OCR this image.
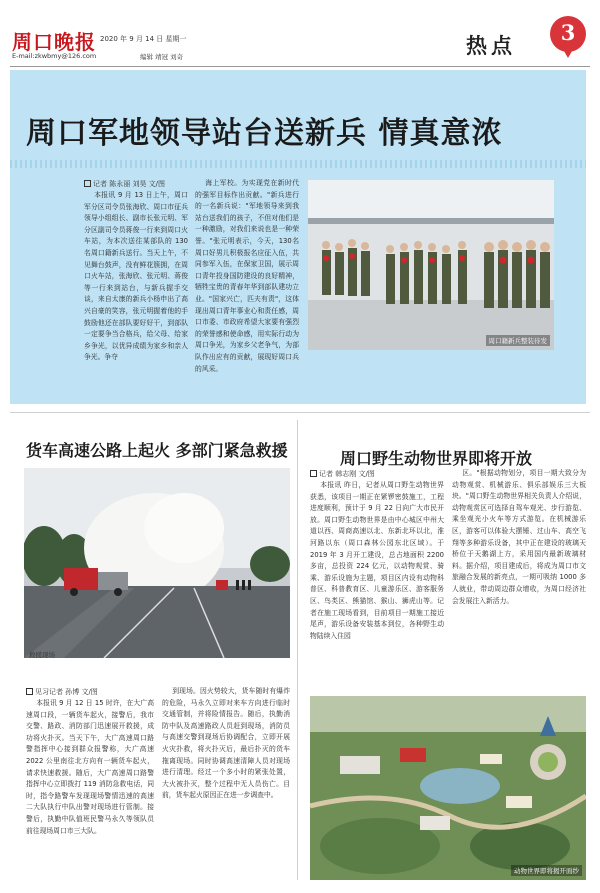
周口晚报 2020 年 9 月 14 日 星期一
E-mail:zkwbmy@126.com	编辑 靖冠 刘奇	热点
3
周口军地领导站台送新兵 情真意浓
记者 陈永丽 刘昊 文/图

本报讯 9 月 13 日上午，周口军分区司令员张海欣、周口市征兵领导小组组长、副市长张元明、军分区副司令员蒋俊一行来到周口火车站，为本次送往某部队的 130 名周口籍新兵送行。当天上午，不见舞台鼓声，没有鲜花簇拥，在周口火车站，张海欣、张元明、蒋俊等一行来到站台，与新兵握手交谈，来自太康的新兵小杨申出了高兴自豪的笑容，张元明握着他的手鼓励他还在部队要好好干，到部队一定要争当合格兵，给父母、给家乡争光，以优异成绩为家乡和亲人争光。争夺

海上军校。为实现党在新时代的强军目标作出贡献。"新兵进行的一名新兵说："军地领导来到我站台送我们的孩子，不但对他们是一种激励，对我们来说也是一种荣誉。"张元明表示，今天，130名周口好男儿积极报名应征入伍，共同参军入伍，在保家卫国，展示周口青年投身国防建设的良好精神，牺牲宝贵的青春年华到部队建功立业。"国家兴亡，匹夫有责"，这体现出周口青年事业心和责任感，周口市委、市政府希望大家要有强烈的荣誉感和使命感，用实际行动为周口争光，为家乡父老争气，为部队作出应有的贡献，展现好周口兵的风采。

周口籍新兵整装待发
货车高速公路上起火 多部门紧急救援
救援现场
见习记者 孙博 文/图

本报讯 9 月 12 日 15 时许，在大广高速周口段，一辆货车起火，接警后，我市交警、路政、消防部门迅速展开救援，成功将火扑灭。当天下午，大广高速周口路警指挥中心接到群众报警称，大广高速 2022 公里南往北方向有一辆货车起火，请求快速救援。随后，大广高速周口路警指挥中心立即拨打 119 消防急救电话，同时，指令路警车发现现场警情迅速的高速二大队执行中队出警对现场进行管制。接警后，执勤中队值班民警马永久等领队员前往现场周口市三大队。

到现场。因火势较大，货车随时有爆炸的危险，马永久立即对来车方向进行临时交通管制，并将险情报告。随后，执勤消防中队及高速路政人员赶到现场，消防员与高速交警到现场后协调配合，立即开展火灾扑救，将火扑灭后，最后扑灭的货车拖离现场。同时协调高速清障人员对现场进行清理。经过一个多小时的紧张处置，大火被扑灭，整个过程中无人员伤亡。目前，货车起火原因正在进一步调查中。

周口野生动物世界即将开放
记者 韩志刚 文/图

本报讯 昨日，记者从周口野生动物世界获悉，该项目一期正在紧锣密鼓施工，工程进度顺利，预计于 9 月 22 日向广大市民开放。周口野生动物世界是由中心城区中州大道以西、周商高速以北、东新北环以北，淮河路以东（周口森林公园东北区域）。于 2019 年 3 月开工建设，总占地面积 2200 多亩，总投资 224 亿元，以动物观赏、骑乘、游乐设施为主题，项目区内设有动物科普区、科普教育区、儿童游乐区、游客服务区、鸟类区、熊猫馆、猴山、狮虎山等。记者在施工现场看到，目前项目一期施工接近尾声，游乐设备安装基本到位，各种野生动物陆续入住园

区。"根据动物划分，项目一期大致分为动物观赏、机械游乐、俱乐部娱乐三大板块。"周口野生动物世界相关负责人介绍说，动物观赏区可选择自驾车观光、步行游览、乘坐观光小火车等方式游览。在机械游乐区，游客可以体验大摆锤、过山车、高空飞翔等多种游乐设备，其中正在建设的玻璃天桥位于天鹅湖上方，采用国内最新玻璃材料。据介绍，项目建成后，将成为周口市文旅融合发展的新亮点，一期可吸纳 1000 多人就业，带动周边群众增收，为周口经济社会发展注入新活力。

动物世界即将揭开面纱
